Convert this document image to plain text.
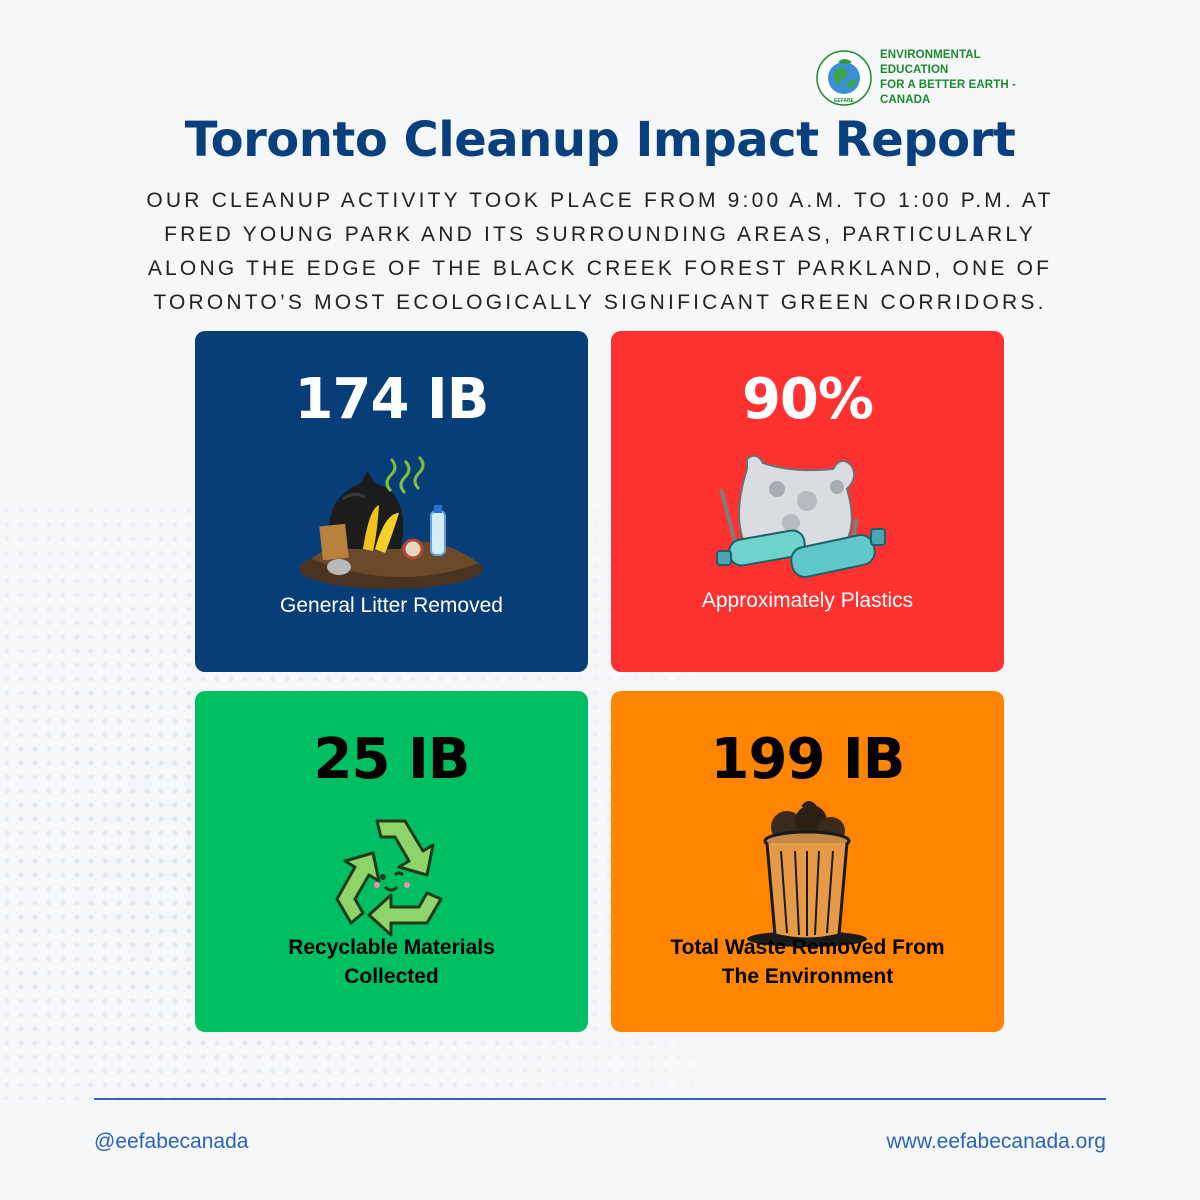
EEFABE
ENVIRONMENTAL EDUCATION
FOR A BETTER EARTH - CANADA
Toronto Cleanup Impact Report
OUR CLEANUP ACTIVITY TOOK PLACE FROM 9:00 A.M. TO 1:00 P.M. AT
FRED YOUNG PARK AND ITS SURROUNDING AREAS, PARTICULARLY
ALONG THE EDGE OF THE BLACK CREEK FOREST PARKLAND, ONE OF
TORONTO’S MOST ECOLOGICALLY SIGNIFICANT GREEN CORRIDORS.
174 IB
General Litter Removed
90%
Approximately Plastics
25 IB
Recyclable Materials
Collected
199 IB
Total Waste Removed From
The Environment
@eefabecanada	www.eefabecanada.org
